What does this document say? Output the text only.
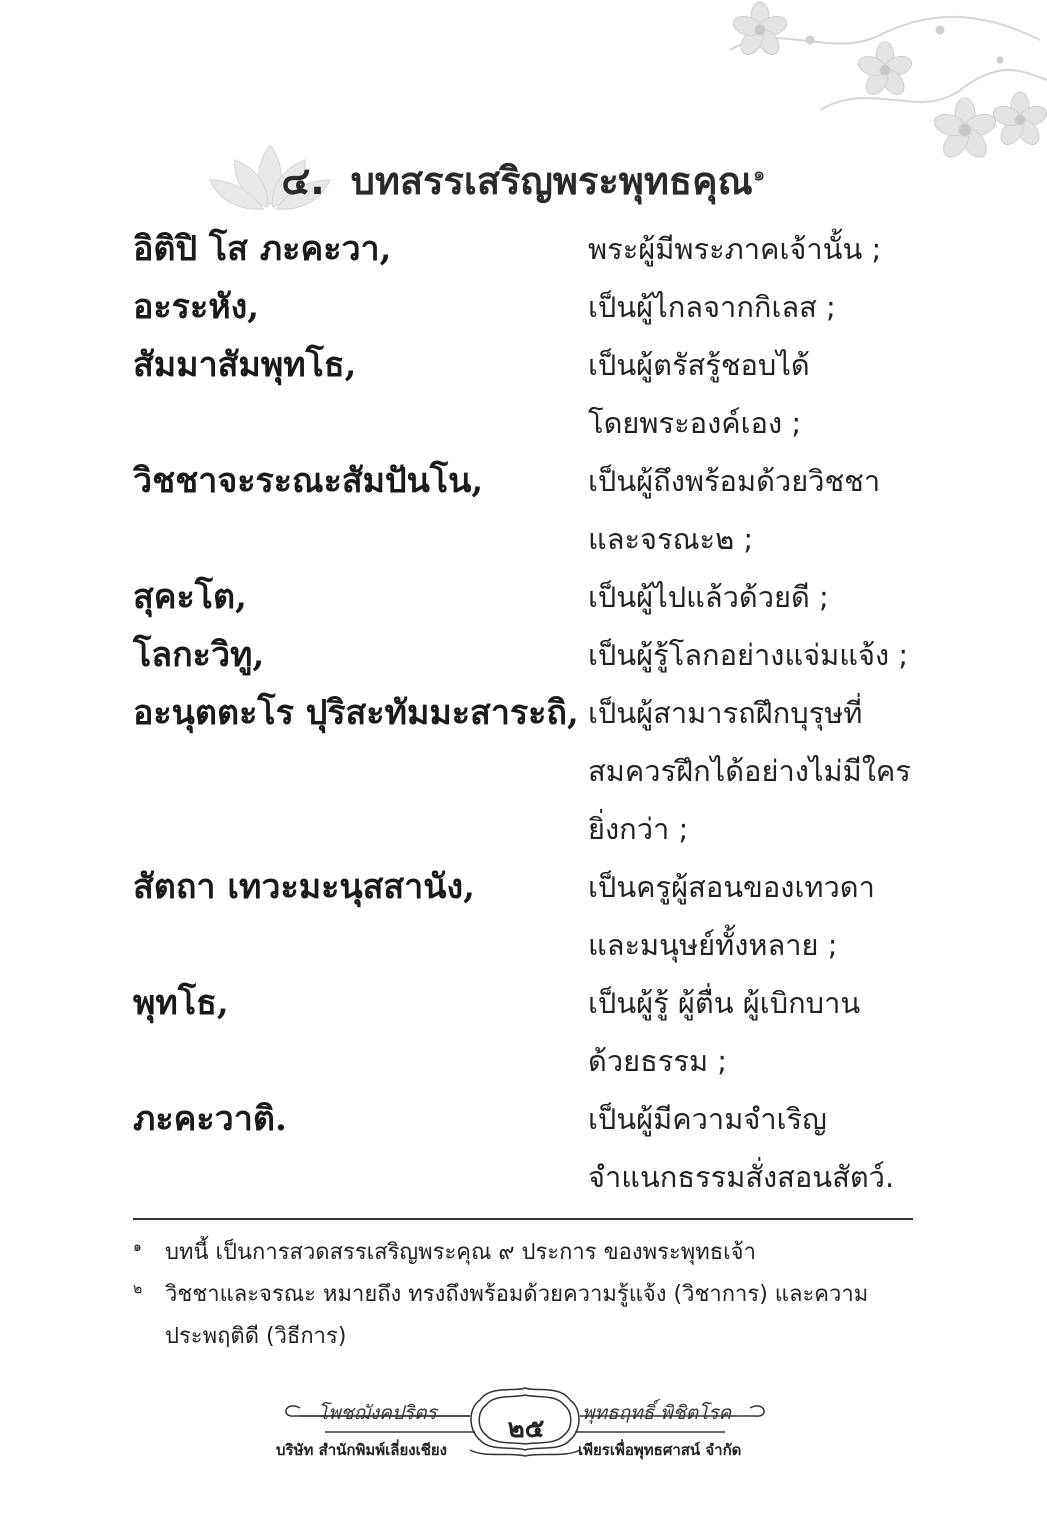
๔. บทสรรเสริญพระพุทธคุณ$^๑$
อิติปิ โส ภะคะวา,	พระผู้มีพระภาคเจ้านั้น ;
อะระหัง,	เป็นผู้ไกลจากกิเลส ;
สัมมาสัมพุทโธ,	เป็นผู้ตรัสรู้ชอบได้
โดยพระองค์เอง ;
วิชชาจะระณะสัมปันโน,	เป็นผู้ถึงพร้อมด้วยวิชชา
และจรณะ๒ ;
สุคะโต,	เป็นผู้ไปแล้วด้วยดี ;
โลกะวิทู,	เป็นผู้รู้โลกอย่างแจ่มแจ้ง ;
อะนุตตะโร ปุริสะทัมมะสาระถิ, เป็นผู้สามารถฝึกบุรุษที่
สมควรฝึกได้อย่างไม่มีใคร
ยิ่งกว่า ;
สัตถา เทวะมะนุสสานัง,	เป็นครูผู้สอนของเทวดา
และมนุษย์ทั้งหลาย ;
พุทโธ,	เป็นผู้รู้ ผู้ตื่น ผู้เบิกบาน
ด้วยธรรม ;
ภะคะวาติ.	เป็นผู้มีความจำเริญ
จำแนกธรรมสั่งสอนสัตว์.
๑	บทนี้ เป็นการสวดสรรเสริญพระคุณ ๙ ประการ ของพระพุทธเจ้า
๒	วิชชาและจรณะ หมายถึง ทรงถึงพร้อมด้วยความรู้แจ้ง (วิชาการ) และความประพฤติดี (วิธีการ)
โพชฌังคปริตร	พุทธฤทธิ์ พิชิตโรค
๒๕
บริษัท สำนักพิมพ์เลี่ยงเชียง	เพียรเพื่อพุทธศาสน์ จำกัด
